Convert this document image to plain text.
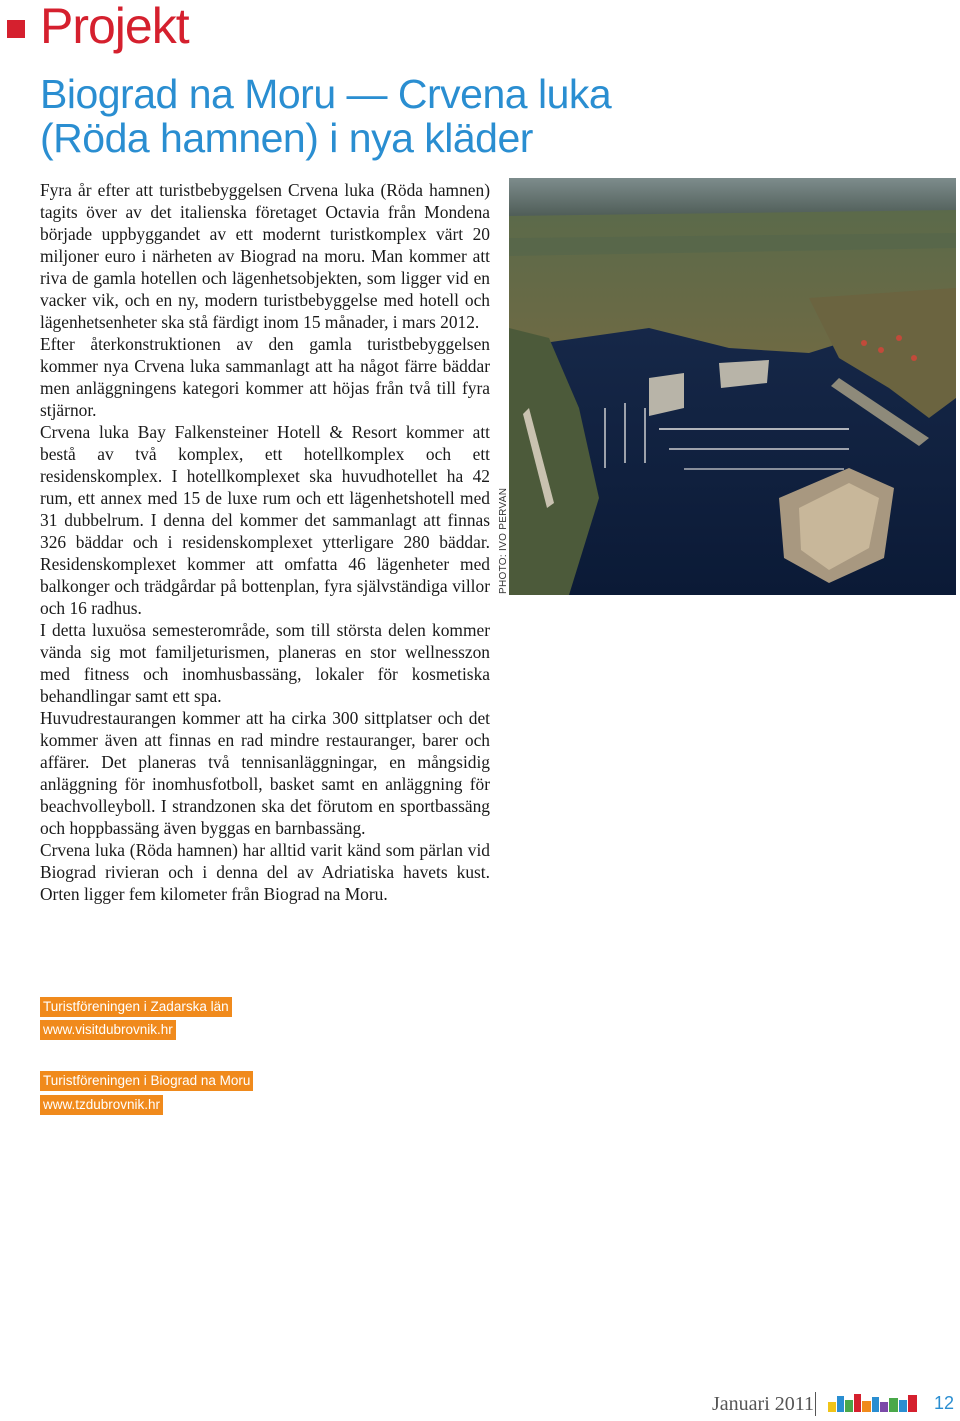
Projekt
Biograd na Moru — Crvena luka
(Röda hamnen) i nya kläder

Fyra år efter att turistbebyggelsen Crvena luka (Röda hamnen) tagits över av det italienska företaget Octavia från Mondena började uppbyggandet av ett modernt turistkomplex värt 20 miljoner euro i närheten av Biograd na moru. Man kommer att riva de gamla hotellen och lägenhetsobjekten, som ligger vid en vacker vik, och en ny, modern turistbebyggelse med hotell och lägenhetsenheter ska stå färdigt inom 15 månader, i mars 2012.

Efter återkonstruktionen av den gamla turistbebyggelsen kommer nya Crvena luka sammanlagt att ha något färre bäddar men anläggningens kategori kommer att höjas från två till fyra stjärnor.

Crvena luka Bay Falkensteiner Hotell & Resort kommer att bestå av två komplex, ett hotellkomplex och ett residenskomplex. I hotellkomplexet ska huvudhotellet ha 42 rum, ett annex med 15 de luxe rum och ett lägenhetshotell med 31 dubbelrum. I denna del kommer det sammanlagt att finnas 326 bäddar och i residenskomplexet ytterligare 280 bäddar. Residenskomplexet kommer att omfatta 46 lägenheter med balkonger och trädgårdar på bottenplan, fyra självständiga villor och 16 radhus.

I detta luxuösa semesterområde, som till största delen kommer vända sig mot familjeturismen, planeras en stor wellnesszon med fitness och inomhusbassäng, lokaler för kosmetiska behandlingar samt ett spa.

Huvudrestaurangen kommer att ha cirka 300 sittplatser och det kommer även att finnas en rad mindre restauranger, barer och affärer. Det planeras två tennisanläggningar, en mångsidig anläggning för inomhusfotboll, basket samt en anläggning för beachvolleyboll. I strandzonen ska det förutom en sportbassäng och hoppbassäng även byggas en barnbassäng.

Crvena luka (Röda hamnen) har alltid varit känd som pärlan vid Biograd rivieran och i denna del av Adriatiska havets kust. Orten ligger fem kilometer från Biograd na Moru.

PHOTO: IVO PERVAN
Turistföreningen i Zadarska län
www.visitdubrovnik.hr
Turistföreningen i Biograd na Moru
www.tzdubrovnik.hr
Januari 2011	12
